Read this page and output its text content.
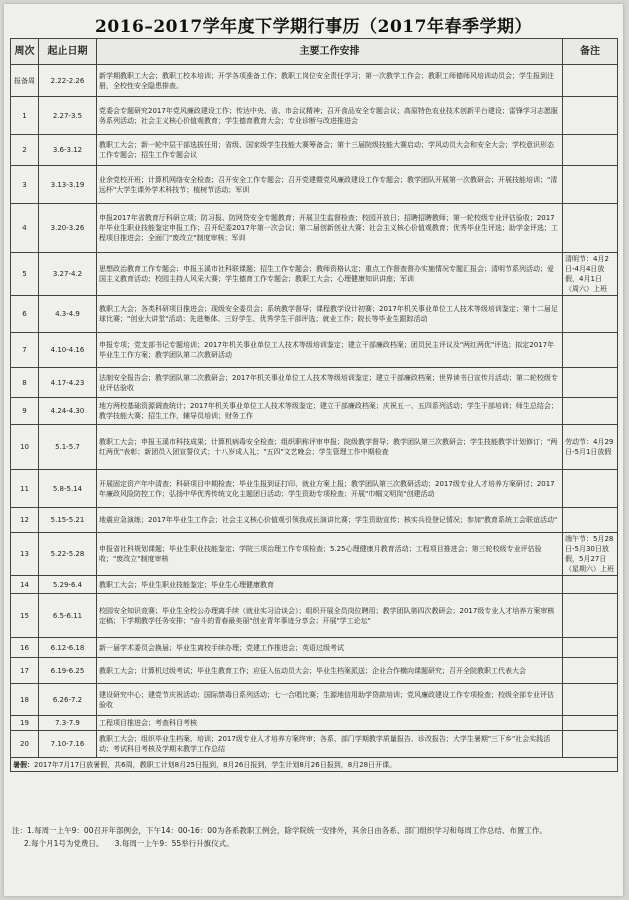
2016–2017学年度下学期行事历（2017年春季学期）
周次	起止日期	主要工作安排	备注
报备周	2.22-2.26	新学期教职工大会；教职工校本培训；开学各项准备工作；教职工岗位安全责任学习；第一次教学工作会；教职工师德师风培训动员会；学生报到注册，全校性安全隐患排查。	
1	2.27-3.5	党委会专题研究2017年党风廉政建设工作；传达中央、省、市会议精神；召开食品安全专题会议；高原特色农业技术创新平台建设；雷锋学习志愿服务系列活动；社会主义核心价值观教育；学生德育教育大会；专业诊断与改进推进会	
2	3.6-3.12	教职工大会；新一轮中层干部选拔任用；省级、国家级学生技能大赛筹备会；第十三届院级技能大赛启动；学风动员大会和安全大会；学校意识形态工作专题会；招生工作专题会议	
3	3.13-3.19	业余党校开班；计算机网络安全检查；召开安全工作专题会；召开党建暨党风廉政建设工作专题会；教学团队开展第一次教研会；开展技能培训；"清远杯"大学生课外学术科技节；植树节活动；军训	
4	3.20-3.26	申报2017年省教育厅科研立项；防习报、防网贷安全专题教育；开展卫生监督检查；校园开放日；招聘招聘教师；第一轮校级专业评估验收；2017年毕业生职业技能鉴定申报工作；召开纪委2017年第一次会议；第二届创新创业大赛；社会主义核心价值观教育；优秀毕业生评选；助学金评选；工程项目推进会；全面门"废改立"制度审核；军训	
5	3.27-4.2	思想政治教育工作专题会；申报玉溪市社科联课题；招生工作专题会；教师资格认定；重点工作督查督办实施情况专题汇报会；清明节系列活动；爱国主义教育活动；校园主持人风采大赛；学生德育工作专题会；教职工大会；心理健康知识讲座；军训	清明节：4月2日-4月4日放假，4月1日（周六）上班
6	4.3-4.9	教职工大会；各类科研项目推进会；现级安全委员会；系统教学督导；课程教学设计初赛；2017年机关事业单位工人技术等级培训鉴定；第十二届足球比赛；"创业大讲堂"活动；先进集体、三好学生、优秀学生干部评选；就业工作；院长等毕业生跟踪活动	
7	4.10-4.16	申报专项；党支部书记专题培训；2017年机关事业单位工人技术等级培训鉴定；建立干部廉政档案；团员民主评议及"两红两优"评选；拟定2017年毕业生工作方案；教学团队第二次教研活动	
8	4.17-4.23	法制安全报告会；教学团队第二次教研会；2017年机关事业单位工人技术等级培训鉴定；建立干部廉政档案；世界读书日宣传月活动；第二轮校级专业评估验收	
9	4.24-4.30	地方两校基础资源调查统计；2017年机关事业单位工人技术等级鉴定；建立干部廉政档案；庆祝五一、五四系列活动；学生干部培训；师生总结会；教学技能大赛；招生工作，辅导员培训；财务工作	
10	5.1-5.7	教职工大会；申报玉溪市科技成果；计算机病毒安全检查；组织职称评审申报；院级教学督导；教学团队第三次教研会；学生技能教学计划修订；"两红两优"表彰；新团员入团宣誓仪式；十八岁成人礼；"五四"文艺晚会；学生管理工作中期检查	劳动节：4月29日-5月1日放假
11	5.8-5.14	开展固定资产年中清查；科研项目中期检查；毕业生报到证打印、就业方案上报；教学团队第三次教研活动；2017级专业人才培养方案研讨；2017年廉政风险防控工作；弘扬中华优秀传统文化主题团日活动；学生资助专项检查；开展"巾帼文明岗"创建活动	
12	5.15-5.21	地震应急演练；2017年毕业生工作会；社会主义核心价值观引领我成长演讲比赛；学生资助宣传；核实兵役登记情况；参加"教育系统工会联谊活动"	
13	5.22-5.28	申报省社科规划课题；毕业生职业技能鉴定；学院三项治理工作专项检查；5.25心理健康月教育活动；工程项目推进会；第三轮校级专业评估验收；"废改立"制度审核	端午节：5月28日-5月30日放假，5月27日（星期六）上班
14	5.29-6.4	教职工大会；毕业生职业技能鉴定；毕业生心理健康教育	
15	6.5-6.11	校园安全知识竞赛；毕业生全校公办理离手续（就业实习洽谈会）；组织开展全员岗位聘用；教学团队第四次教研会；2017级专业人才培养方案审核定稿；下学期教学任务安排；"奋斗的青春最美丽"创业青年事迹分享会；开展"学工论坛"	
16	6.12-6.18	新一届学术委员会换届；毕业生离校手续办理；党建工作推进会；英语过级考试	
17	6.19-6.25	教职工大会；计算机过级考试；毕业生教育工作；应征入伍动员大会；毕业生档案派送；企业合作横向课题研究；召开全院教职工代表大会	
18	6.26-7.2	建设研究中心；建党节庆祝活动；国际禁毒日系列活动；七一合唱比赛；生源地信用助学贷款培训；党风廉政建设工作专项检查；校级全部专业评估验收	
19	7.3-7.9	工程项目推进会；考查科目考核	
20	7.10-7.16	教职工大会；组织毕业生档案、培训；2017级专业人才培养方案终审；各系、部门学期教学质量报告、诊改报告；大学生暑期"三下乡"社会实践活动；考试科目考核及学期末教学工作总结	
暑假：2017年7月17日放暑假，共6周，教职工计划8月25日报到，8月26日报到，学生计划8月26日报到，8月28日开课。			
注：1.每周一上午9：00召开年部例会，下午14：00-16：00为各系教职工例会，除学院统一安排外，其余日由各系、部门组织学习和每周工作总结、布置工作。
2.每个月1号为党费日。　　3.每周一上午9：55举行升旗仪式。
